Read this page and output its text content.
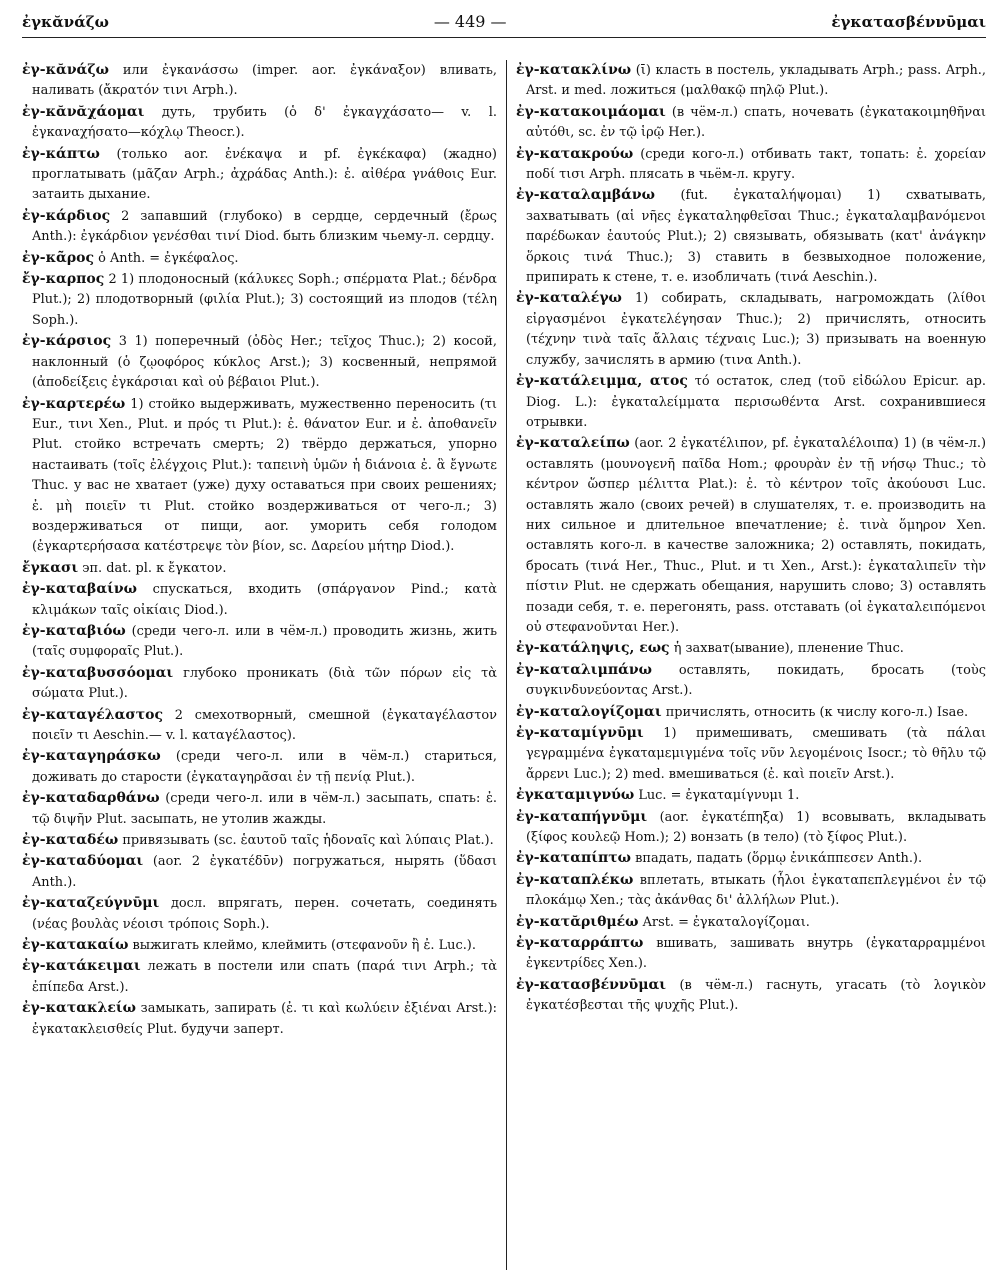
ἐγκᾰνάζω	— 449 —	ἐγκατασβέννῡμαι

ἐγ-κᾰνάζω или ἐγκανάσσω (imper. aor. ἐγκάναξον) вливать, наливать (ἄκρατόν τινι Arph.).

ἐγ-κᾰνᾰχάομαι дуть, трубить (ὁ δ' ἐγκαγχάσατο— v. l. ἐγκαναχήσατο—κόχλῳ Theocr.).

ἐγ-κάπτω (только aor. ἐνέκαψα и pf. ἐγκέκαφα) (жадно) проглатывать (μᾶζαν Arph.; ἀχράδας Anth.): ἐ. αἰθέρα γνάθοις Eur. затаить дыхание.

ἐγ-κάρδιος 2 запавший (глубоко) в сердце, сердечный (ἔρως Anth.): ἐγκάρδιον γενέσθαι τινί Diod. быть близким чьему-л. сердцу.

ἐγ-κᾶρος ὁ Anth. = ἐγκέφαλος.

ἔγ-καρπος 2 1) плодоносный (κάλυκες Soph.; σπέρματα Plat.; δένδρα Plut.); 2) плодотворный (φιλία Plut.); 3) состоящий из плодов (τέλη Soph.).

ἐγ-κάρσιος 3 1) поперечный (ὁδὸς Her.; τεῖχος Thuc.); 2) косой, наклонный (ὁ ζῳοφόρος κύκλος Arst.); 3) косвенный, непрямой (ἀποδείξεις ἐγκάρσιαι καὶ οὐ βέβαιοι Plut.).

ἐγ-καρτερέω 1) стойко выдерживать, мужественно переносить (τι Eur., τινι Xen., Plut. и πρός τι Plut.): ἐ. θάνατον Eur. и ἐ. ἀποθανεῖν Plut. стойко встречать смерть; 2) твёрдо держаться, упорно настаивать (τοῖς ἐλέγχοις Plut.): ταπεινὴ ὑμῶν ἡ διάνοια ἐ. ἃ ἔγνωτε Thuc. у вас не хватает (уже) духу оставаться при своих решениях; ἐ. μὴ ποιεῖν τι Plut. стойко воздерживаться от чего-л.; 3) воздерживаться от пищи, aor. уморить себя голодом (ἐγκαρτερήσασα κατέστρεψε τὸν βίον, sc. Δαρείου μήτηρ Diod.).

ἔγκασι эп. dat. pl. к ἔγκατον.

ἐγ-καταβαίνω спускаться, входить (σπάργανον Pind.; κατὰ κλιμάκων ταῖς οἰκίαις Diod.).

ἐγ-καταβιόω (среди чего-л. или в чём-л.) проводить жизнь, жить (ταῖς συμφοραῖς Plut.).

ἐγ-καταβυσσόομαι глубоко проникать (διὰ τῶν πόρων εἰς τὰ σώματα Plut.).

ἐγ-καταγέλαστος 2 смехотворный, смешной (ἐγκαταγέλαστον ποιεῖν τι Aeschin.— v. l. καταγέλαστος).

ἐγ-καταγηράσκω (среди чего-л. или в чём-л.) стариться, доживать до старости (ἐγκαταγηρᾶσαι ἐν τῇ πενίᾳ Plut.).

ἐγ-καταδαρθάνω (среди чего-л. или в чём-л.) засыпать, спать: ἐ. τῷ διψῆν Plut. засыпать, не утолив жажды.

ἐγ-καταδέω привязывать (sc. ἑαυτοῦ ταῖς ἡδοναῖς καὶ λύπαις Plat.).

ἐγ-καταδύομαι (aor. 2 ἐγκατέδῡν) погружаться, нырять (ὕδασι Anth.).

ἐγ-καταζεύγνῡμι досл. впрягать, перен. сочетать, соединять (νέας βουλὰς νέοισι τρόποις Soph.).

ἐγ-κατακαίω выжигать клеймо, клеймить (στεφανοῦν ἢ ἐ. Luc.).

ἐγ-κατάκειμαι лежать в постели или спать (παρά τινι Arph.; τὰ ἐπίπεδα Arst.).

ἐγ-κατακλείω замыкать, запирать (ἐ. τι καὶ κωλύειν ἐξιέναι Arst.): ἐγκατακλεισθείς Plut. будучи заперт.

ἐγ-κατακλίνω (ῑ) класть в постель, укладывать Arph.; pass. Arph., Arst. и med. ложиться (μαλθακῷ πηλῷ Plut.).

ἐγ-κατακοιμάομαι (в чём-л.) спать, ночевать (ἐγκατακοιμηθῆναι αὐτόθι, sc. ἐν τῷ ἱρῷ Her.).

ἐγ-κατακρούω (среди кого-л.) отбивать такт, топать: ἐ. χορείαν ποδί τισι Arph. плясать в чьём-л. кругу.

ἐγ-καταλαμβάνω (fut. ἐγκαταλήψομαι) 1) схватывать, захватывать (αἱ νῆες ἐγκαταληφθεῖσαι Thuc.; ἐγκαταλαμβανόμενοι παρέδωκαν ἑαυτούς Plut.); 2) связывать, обязывать (κατ' ἀνάγκην ὅρκοις τινά Thuc.); 3) ставить в безвыходное положение, припирать к стене, т. е. изобличать (τινά Aeschin.).

ἐγ-καταλέγω 1) собирать, складывать, нагромождать (λίθοι εἰργασμένοι ἐγκατελέγησαν Thuc.); 2) причислять, относить (τέχνην τινὰ ταῖς ἄλλαις τέχναις Luc.); 3) призывать на военную службу, зачислять в армию (τινα Anth.).

ἐγ-κατάλειμμα, ατος τό остаток, след (τοῦ εἰδώλου Epicur. ap. Diog. L.): ἐγκαταλείμματα περισωθέντα Arst. сохранившиеся отрывки.

ἐγ-καταλείπω (aor. 2 ἐγκατέλιπον, pf. ἐγκαταλέλοιπα) 1) (в чём-л.) оставлять (μουνογενῆ παῖδα Hom.; φρουρὰν ἐν τῇ νήσῳ Thuc.; τὸ κέντρον ὥσπερ μέλιττα Plat.): ἐ. τὸ κέντρον τοῖς ἀκούουσι Luc. оставлять жало (своих речей) в слушателях, т. е. производить на них сильное и длительное впечатление; ἐ. τινὰ ὅμηρον Xen. оставлять кого-л. в качестве заложника; 2) оставлять, покидать, бросать (τινά Her., Thuc., Plut. и τι Xen., Arst.): ἐγκαταλιπεῖν τὴν πίστιν Plut. не сдержать обещания, нарушить слово; 3) оставлять позади себя, т. е. перегонять, pass. отставать (οἱ ἐγκαταλειπόμενοι οὐ στεφανοῦνται Her.).

ἐγ-κατάληψις, εως ἡ захват(ывание), пленение Thuc.

ἐγ-καταλιμπάνω оставлять, покидать, бросать (τοὺς συγκινδυνεύοντας Arst.).

ἐγ-καταλογίζομαι причислять, относить (к числу кого-л.) Isae.

ἐγ-καταμίγνῡμι 1) примешивать, смешивать (τὰ πάλαι γεγραμμένα ἐγκαταμεμιγμένα τοῖς νῦν λεγομένοις Isocr.; τὸ θῆλυ τῷ ἄρρενι Luc.); 2) med. вмешиваться (ἐ. καὶ ποιεῖν Arst.).

ἐγκαταμιγνύω Luc. = ἐγκαταμίγνυμι 1.

ἐγ-καταπήγνῡμι (aor. ἐγκατέπηξα) 1) всовывать, вкладывать (ξίφος κουλεῷ Hom.); 2) вонзать (в тело) (τὸ ξίφος Plut.).

ἐγ-καταπίπτω впадать, падать (ὅρμῳ ἐνικάππεσεν Anth.).

ἐγ-καταπλέκω вплетать, втыкать (ἧλοι ἐγκαταπεπλεγμένοι ἐν τῷ πλοκάμῳ Xen.; τὰς ἀκάνθας δι' ἀλλήλων Plut.).

ἐγ-κατᾰριθμέω Arst. = ἐγκαταλογίζομαι.

ἐγ-καταρράπτω вшивать, зашивать внутрь (ἐγκαταρραμμένοι ἐγκεντρίδες Xen.).

ἐγ-κατασβέννῡμαι (в чём-л.) гаснуть, угасать (τὸ λογικὸν ἐγκατέσβεσται τῆς ψυχῆς Plut.).
